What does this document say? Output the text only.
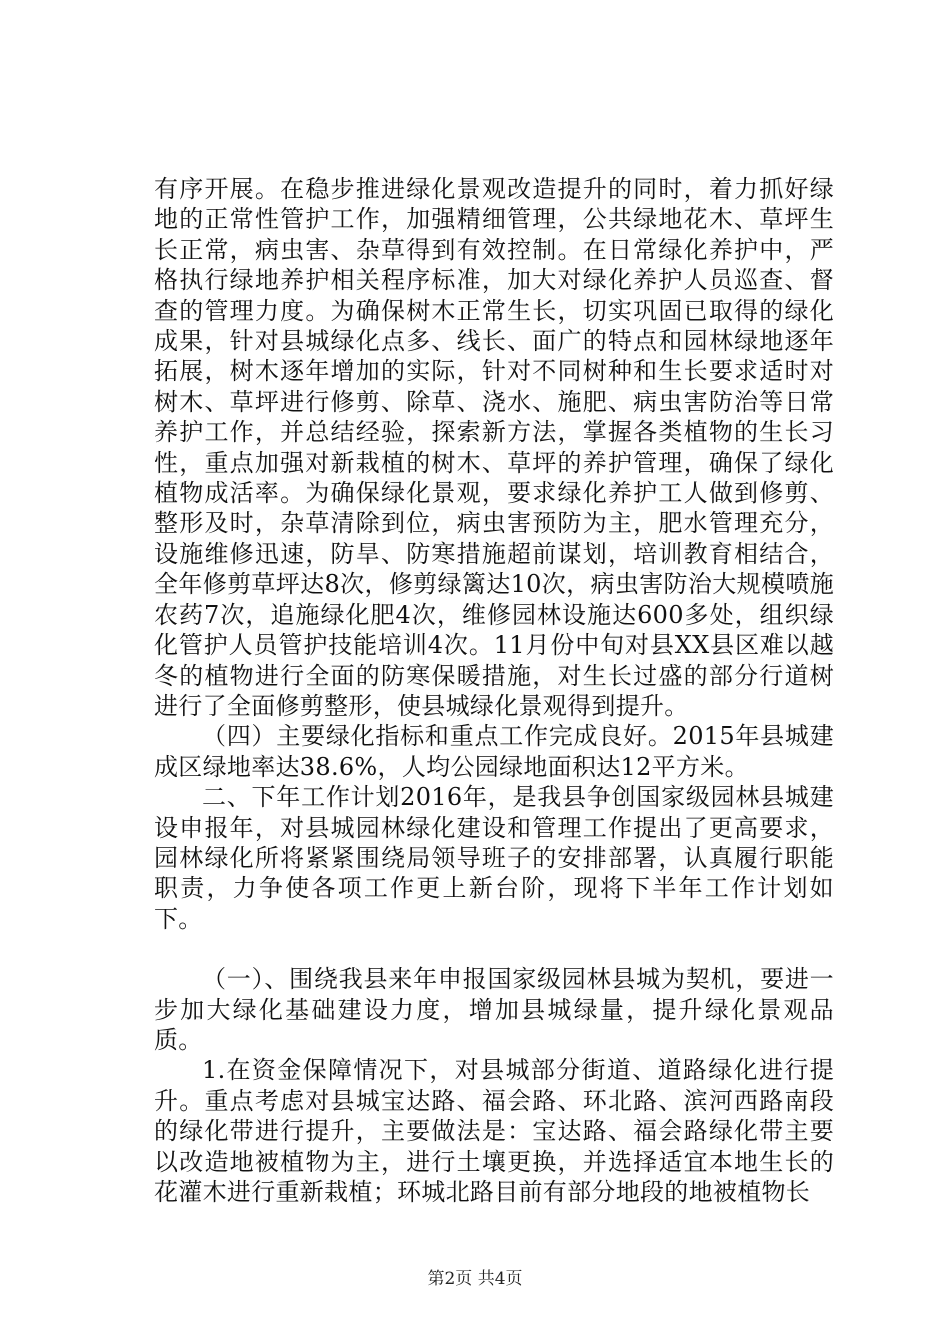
有序开展。在稳步推进绿化景观改造提升的同时，着力抓好绿地的正常性管护工作，加强精细管理，公共绿地花木、草坪生长正常，病虫害、杂草得到有效控制。在日常绿化养护中，严格执行绿地养护相关程序标准，加大对绿化养护人员巡查、督查的管理力度。为确保树木正常生长，切实巩固已取得的绿化成果，针对县城绿化点多、线长、面广的特点和园林绿地逐年拓展，树木逐年增加的实际，针对不同树种和生长要求适时对树木、草坪进行修剪、除草、浇水、施肥、病虫害防治等日常养护工作，并总结经验，探索新方法，掌握各类植物的生长习性，重点加强对新栽植的树木、草坪的养护管理，确保了绿化植物成活率。为确保绿化景观，要求绿化养护工人做到修剪、整形及时，杂草清除到位，病虫害预防为主，肥水管理充分，设施维修迅速，防旱、防寒措施超前谋划，培训教育相结合，全年修剪草坪达8次，修剪绿篱达10次，病虫害防治大规模喷施农药7次，追施绿化肥4次，维修园林设施达600多处，组织绿化管护人员管护技能培训4次。11月份中旬对县XX县区难以越冬的植物进行全面的防寒保暖措施，对生长过盛的部分行道树进行了全面修剪整形，使县城绿化景观得到提升。

（四）主要绿化指标和重点工作完成良好。2015年县城建成区绿地率达38.6%，人均公园绿地面积达12平方米。

二、下年工作计划2016年，是我县争创国家级园林县城建设申报年，对县城园林绿化建设和管理工作提出了更高要求，园林绿化所将紧紧围绕局领导班子的安排部署，认真履行职能职责，力争使各项工作更上新台阶，现将下半年工作计划如下。

（一）、围绕我县来年申报国家级园林县城为契机，要进一步加大绿化基础建设力度，增加县城绿量，提升绿化景观品质。

1.在资金保障情况下，对县城部分街道、道路绿化进行提升。重点考虑对县城宝达路、福会路、环北路、滨河西路南段的绿化带进行提升，主要做法是：宝达路、福会路绿化带主要以改造地被植物为主，进行土壤更换，并选择适宜本地生长的花灌木进行重新栽植；环城北路目前有部分地段的地被植物长

第2页 共4页
